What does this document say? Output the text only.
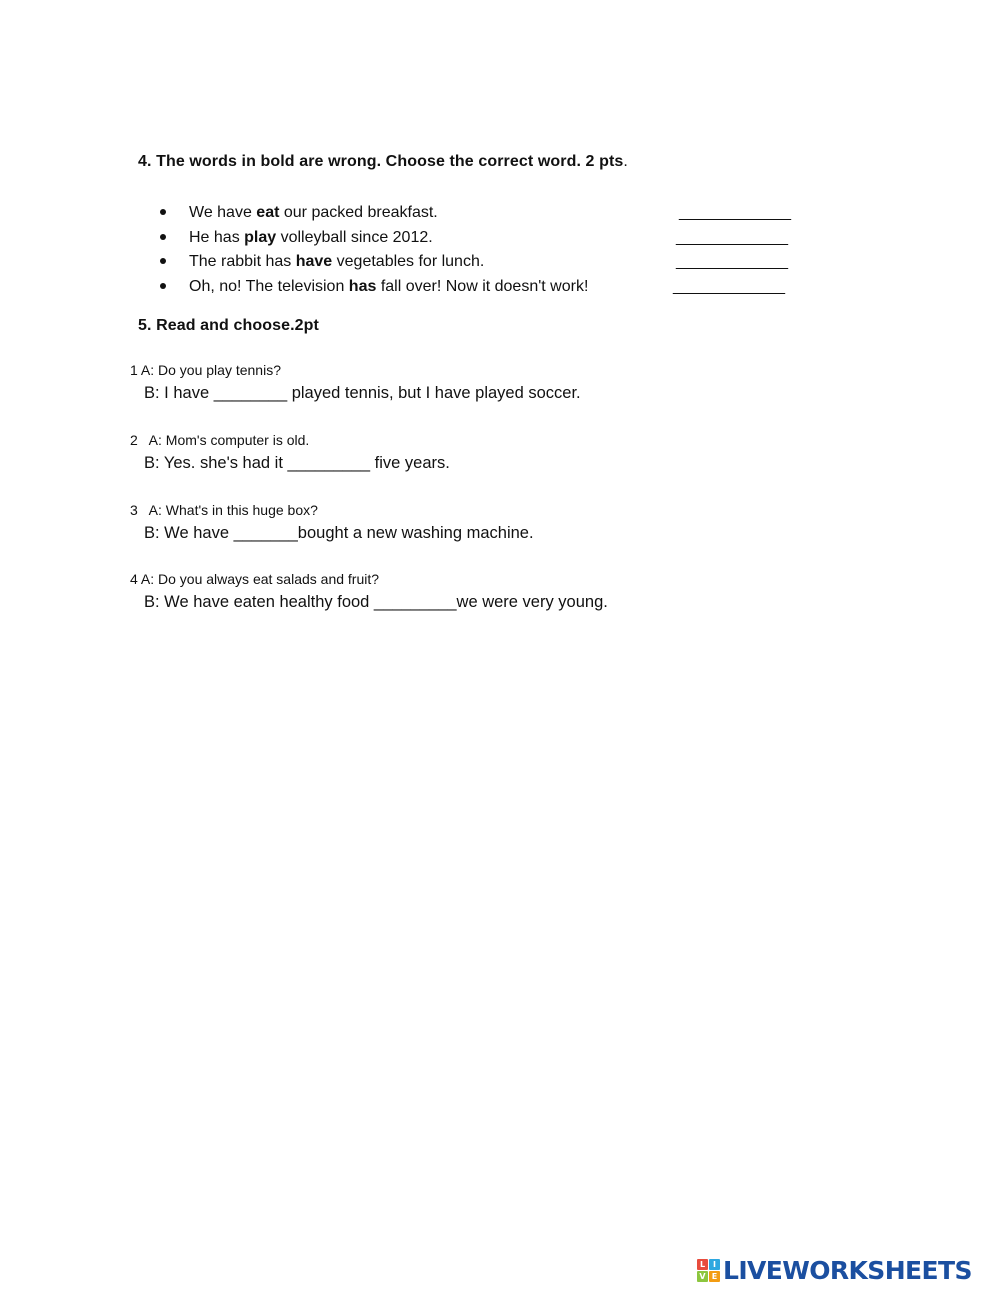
4. The words in bold are wrong. Choose the correct word. 2 pts.
We have eat our packed breakfast.	_____________
He has play volleyball since 2012.	_____________
The rabbit has have vegetables for lunch.	_____________
Oh, no! The television has fall over! Now it doesn't work!	_____________
5. Read and choose.2pt
1 A: Do you play tennis?
B: I have ________ played tennis, but I have played soccer.
2   A: Mom's computer is old.
B: Yes. she's had it _________ five years.
3   A: What's in this huge box?
B: We have _______bought a new washing machine.
4 A: Do you always eat salads and fruit?
B: We have eaten healthy food _________we were very young.
L I
V E LIVEWORKSHEETS
